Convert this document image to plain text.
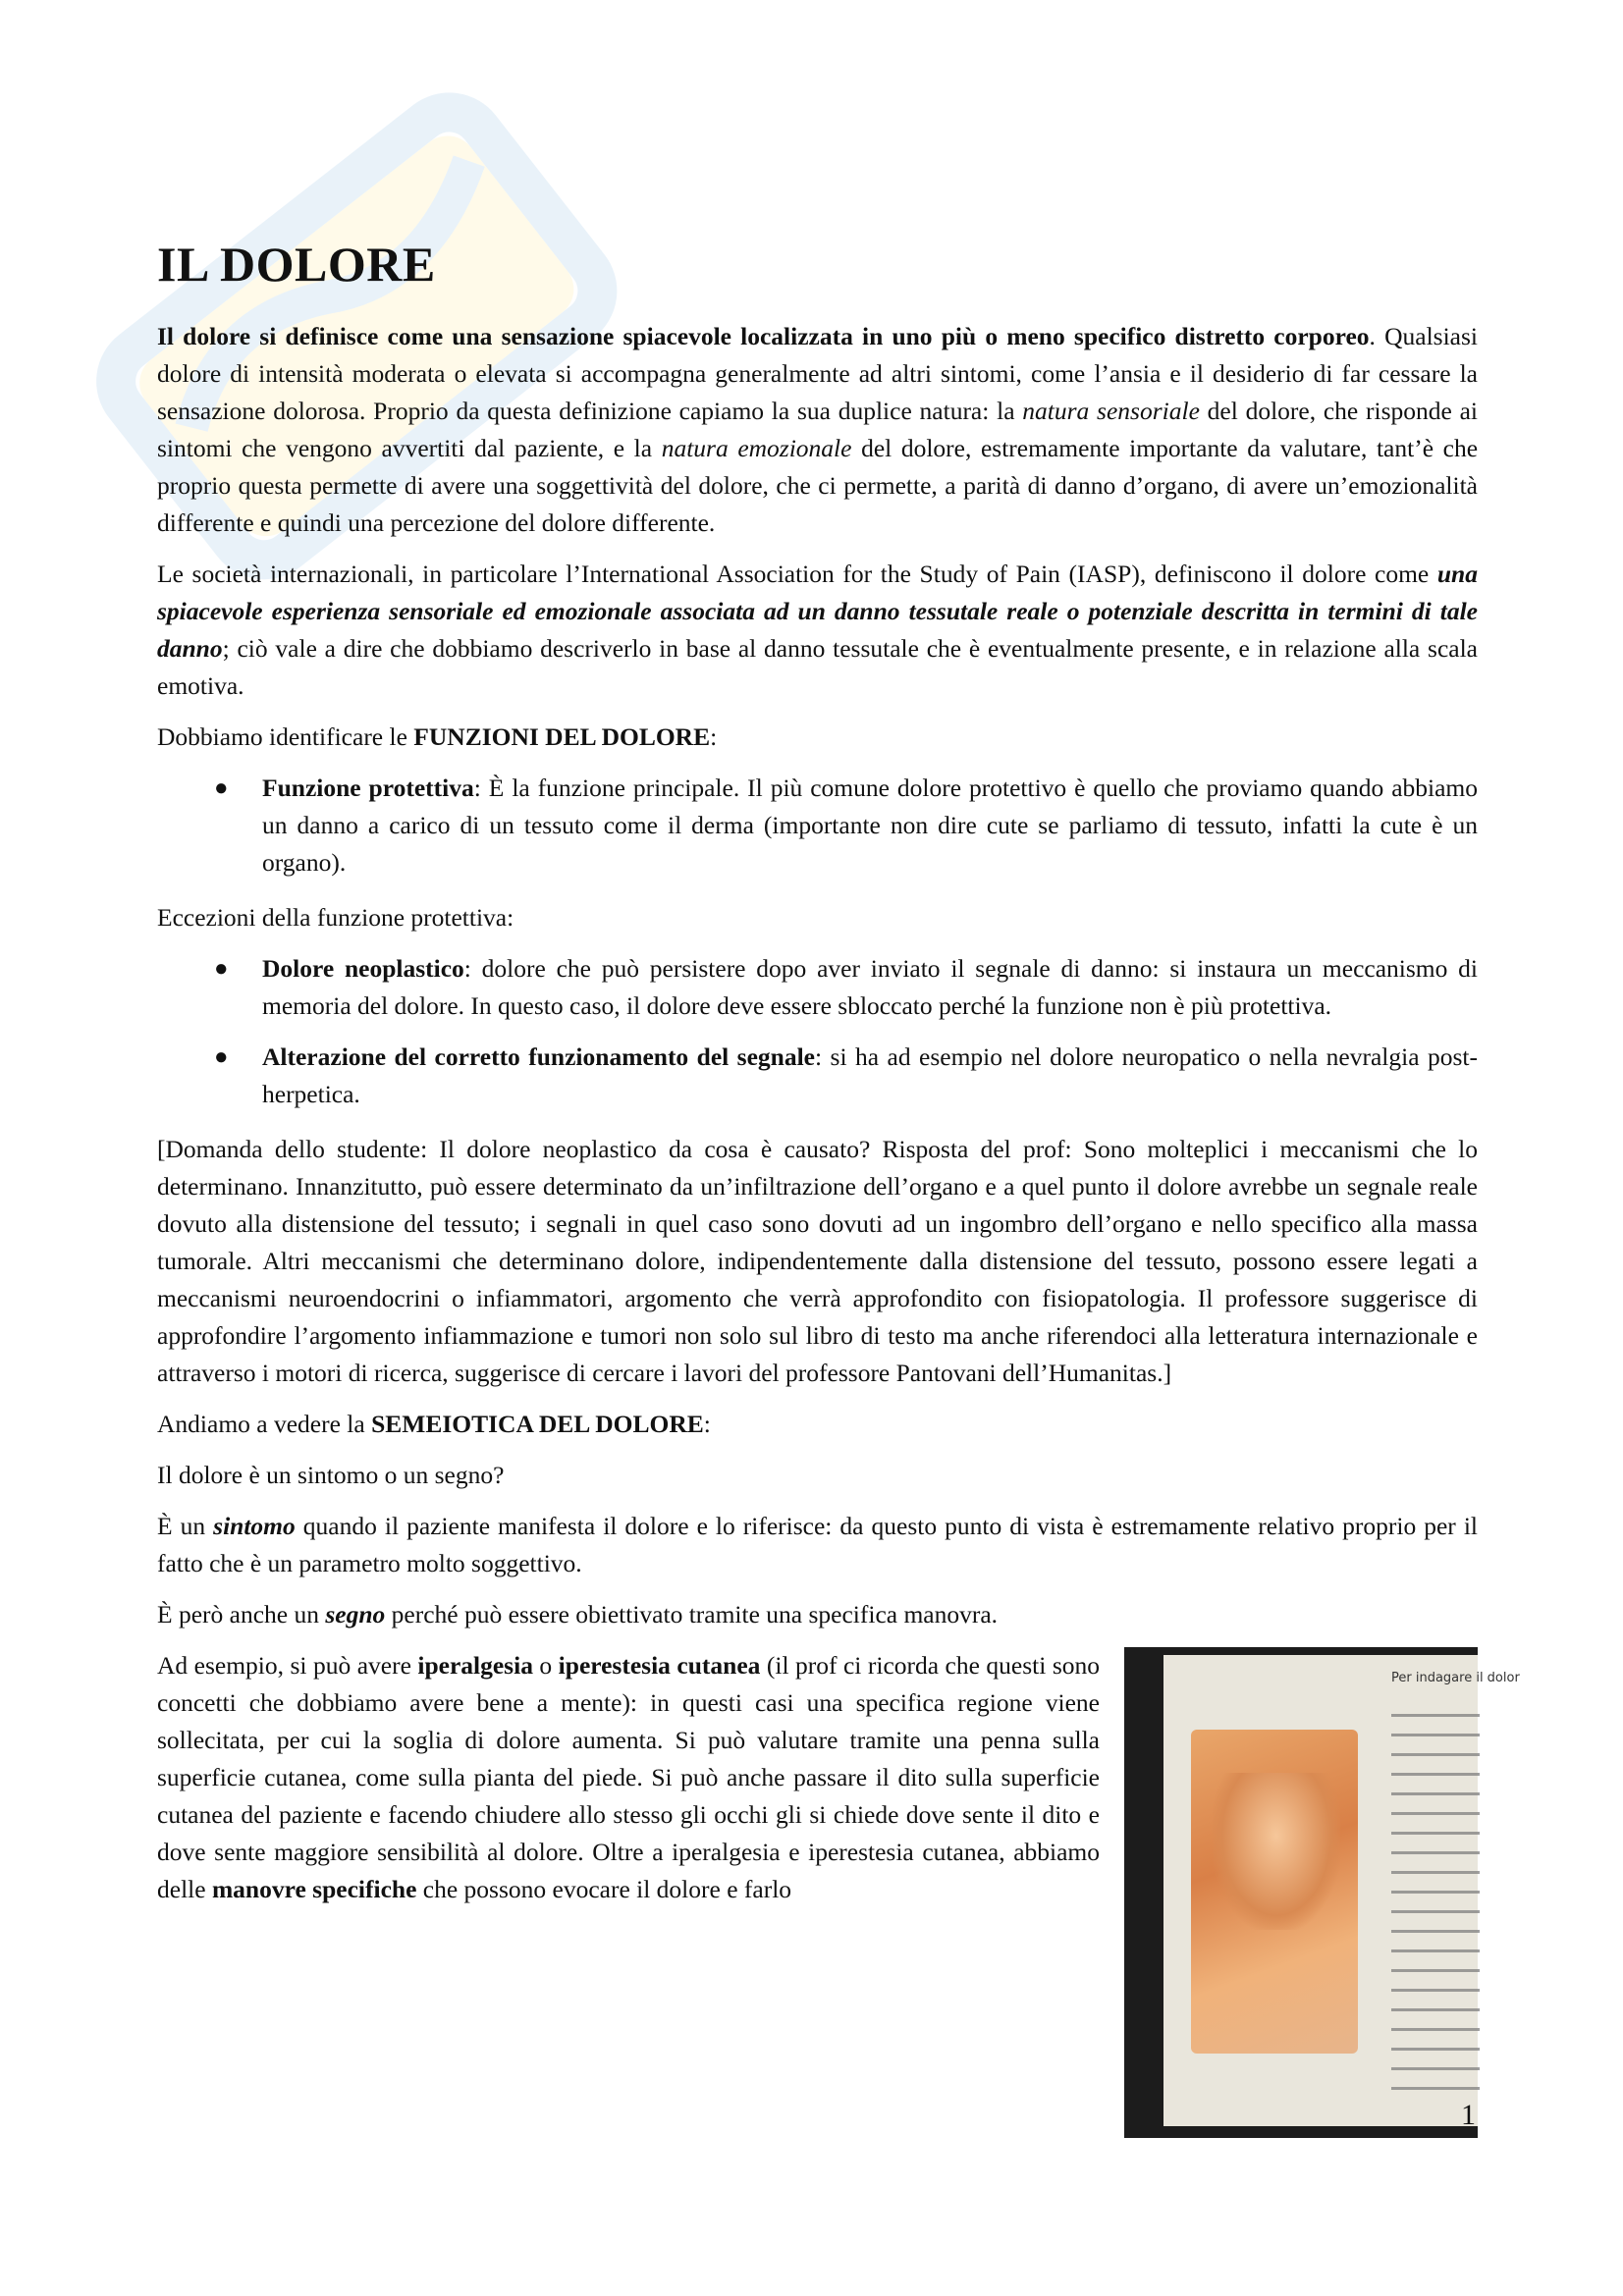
IL DOLORE

Il dolore si definisce come una sensazione spiacevole localizzata in uno più o meno specifico distretto corporeo. Qualsiasi dolore di intensità moderata o elevata si accompagna generalmente ad altri sintomi, come l’ansia e il desiderio di far cessare la sensazione dolorosa. Proprio da questa definizione capiamo la sua duplice natura: la natura sensoriale del dolore, che risponde ai sintomi che vengono avvertiti dal paziente, e la natura emozionale del dolore, estremamente importante da valutare, tant’è che proprio questa permette di avere una soggettività del dolore, che ci permette, a parità di danno d’organo, di avere un’emozionalità differente e quindi una percezione del dolore differente.

Le società internazionali, in particolare l’International Association for the Study of Pain (IASP), definiscono il dolore come una spiacevole esperienza sensoriale ed emozionale associata ad un danno tessutale reale o potenziale descritta in termini di tale danno; ciò vale a dire che dobbiamo descriverlo in base al danno tessutale che è eventualmente presente, e in relazione alla scala emotiva.

Dobbiamo identificare le FUNZIONI DEL DOLORE:

● Funzione protettiva: È la funzione principale. Il più comune dolore protettivo è quello che proviamo quando abbiamo un danno a carico di un tessuto come il derma (importante non dire cute se parliamo di tessuto, infatti la cute è un organo).

Eccezioni della funzione protettiva:

● Dolore neoplastico: dolore che può persistere dopo aver inviato il segnale di danno: si instaura un meccanismo di memoria del dolore. In questo caso, il dolore deve essere sbloccato perché la funzione non è più protettiva.
● Alterazione del corretto funzionamento del segnale: si ha ad esempio nel dolore neuropatico o nella nevralgia post-herpetica.

[Domanda dello studente: Il dolore neoplastico da cosa è causato? Risposta del prof: Sono molteplici i meccanismi che lo determinano. Innanzitutto, può essere determinato da un’infiltrazione dell’organo e a quel punto il dolore avrebbe un segnale reale dovuto alla distensione del tessuto; i segnali in quel caso sono dovuti ad un ingombro dell’organo e nello specifico alla massa tumorale. Altri meccanismi che determinano dolore, indipendentemente dalla distensione del tessuto, possono essere legati a meccanismi neuroendocrini o infiammatori, argomento che verrà approfondito con fisiopatologia. Il professore suggerisce di approfondire l’argomento infiammazione e tumori non solo sul libro di testo ma anche riferendoci alla letteratura internazionale e attraverso i motori di ricerca, suggerisce di cercare i lavori del professore Pantovani dell’Humanitas.]

Andiamo a vedere la SEMEIOTICA DEL DOLORE:

Il dolore è un sintomo o un segno?

È un sintomo quando il paziente manifesta il dolore e lo riferisce: da questo punto di vista è estremamente relativo proprio per il fatto che è un parametro molto soggettivo.

È però anche un segno perché può essere obiettivato tramite una specifica manovra.

Ad esempio, si può avere iperalgesia o iperestesia cutanea (il prof ci ricorda che questi sono concetti che dobbiamo avere bene a mente): in questi casi una specifica regione viene sollecitata, per cui la soglia di dolore aumenta. Si può valutare tramite una penna sulla superficie cutanea, come sulla pianta del piede. Si può anche passare il dito sulla superficie cutanea del paziente e facendo chiudere allo stesso gli occhi gli si chiede dove sente il dito e dove sente maggiore sensibilità al dolore. Oltre a iperalgesia e iperestesia cutanea, abbiamo delle manovre specifiche che possono evocare il dolore e farlo

Per indagare il dolor
1
